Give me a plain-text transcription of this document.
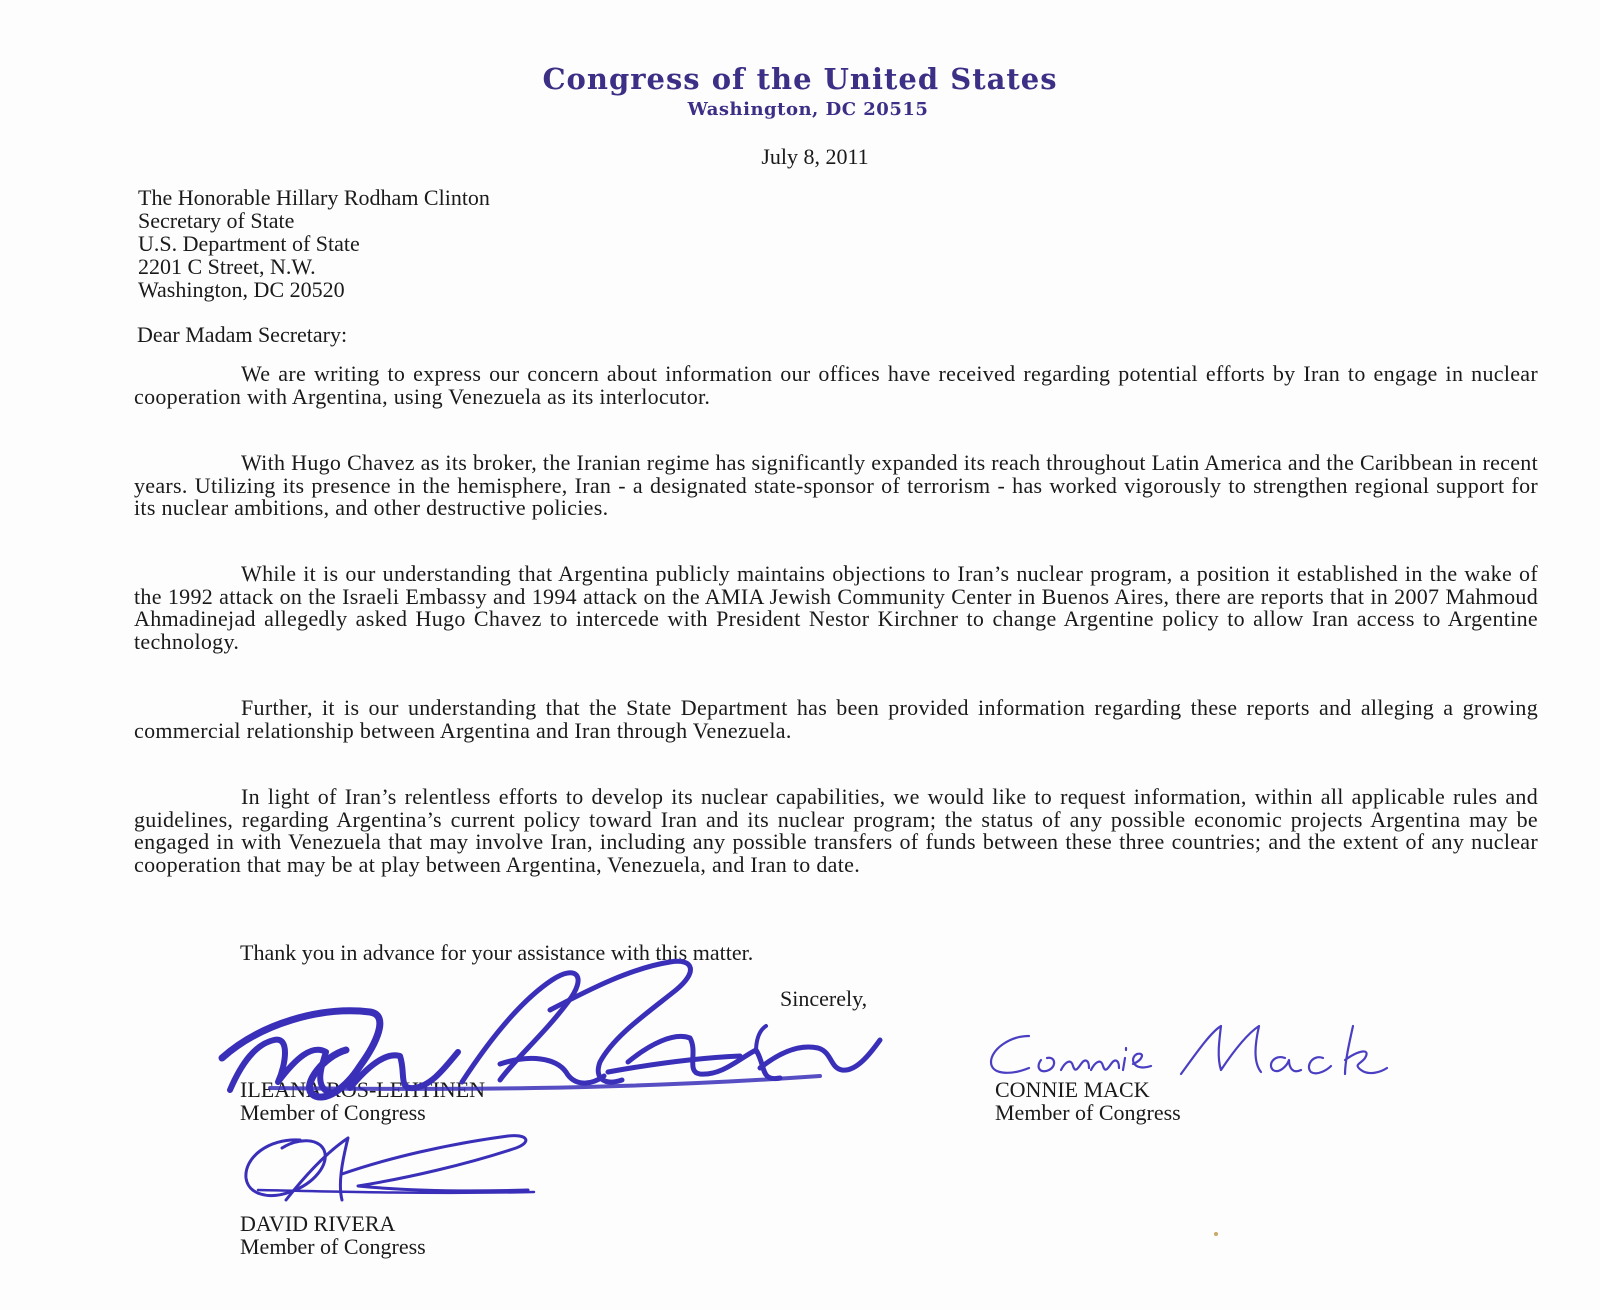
Congress of the United States
Washington, DC 20515
July 8, 2011
The Honorable Hillary Rodham Clinton
Secretary of State
U.S. Department of State
2201 C Street, N.W.
Washington, DC 20520
Dear Madam Secretary:
We are writing to express our concern about information our offices have received regarding potential efforts by Iran to engage in nuclear cooperation with Argentina, using Venezuela as its interlocutor.
With Hugo Chavez as its broker, the Iranian regime has significantly expanded its reach throughout Latin America and the Caribbean in recent years. Utilizing its presence in the hemisphere, Iran - a designated state-sponsor of terrorism - has worked vigorously to strengthen regional support for its nuclear ambitions, and other destructive policies.
While it is our understanding that Argentina publicly maintains objections to Iran’s nuclear program, a position it established in the wake of the 1992 attack on the Israeli Embassy and 1994 attack on the AMIA Jewish Community Center in Buenos Aires, there are reports that in 2007 Mahmoud Ahmadinejad allegedly asked Hugo Chavez to intercede with President Nestor Kirchner to change Argentine policy to allow Iran access to Argentine technology.
Further, it is our understanding that the State Department has been provided information regarding these reports and alleging a growing commercial relationship between Argentina and Iran through Venezuela.
In light of Iran’s relentless efforts to develop its nuclear capabilities, we would like to request information, within all applicable rules and guidelines, regarding Argentina’s current policy toward Iran and its nuclear program; the status of any possible economic projects Argentina may be engaged in with Venezuela that may involve Iran, including any possible transfers of funds between these three countries; and the extent of any nuclear cooperation that may be at play between Argentina, Venezuela, and Iran to date.
Thank you in advance for your assistance with this matter.
Sincerely,
ILEANA ROS-LEHTINEN
Member of Congress
CONNIE MACK
Member of Congress
DAVID RIVERA
Member of Congress
